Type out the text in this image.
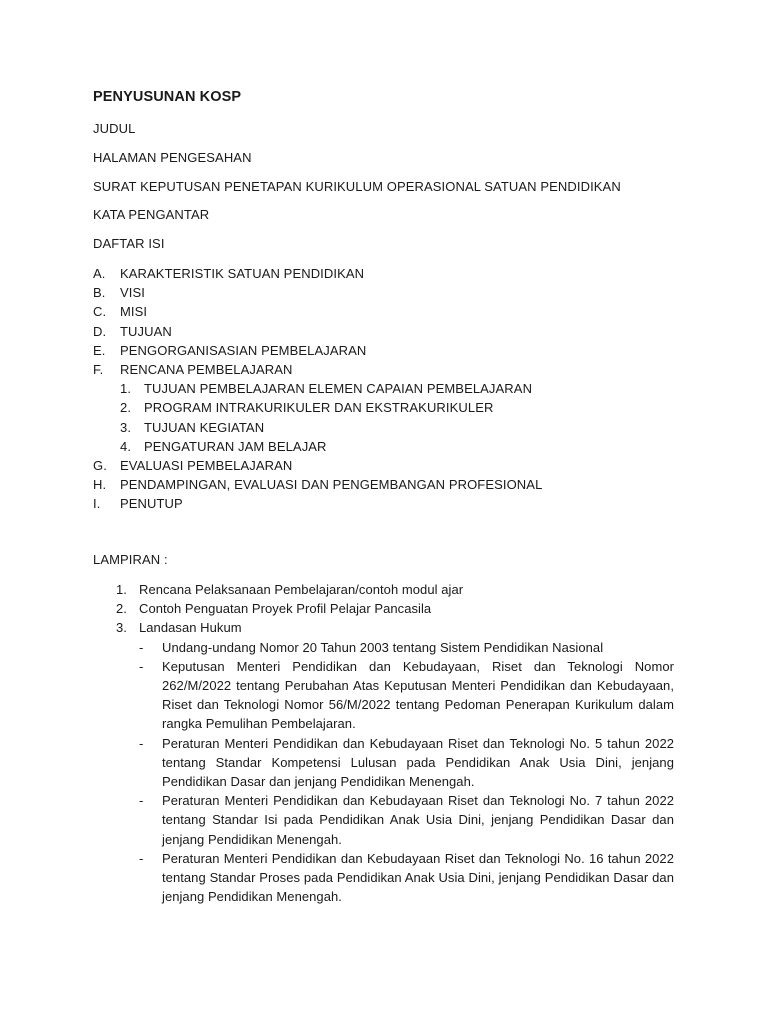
PENYUSUNAN KOSP
JUDUL
HALAMAN PENGESAHAN
SURAT KEPUTUSAN PENETAPAN KURIKULUM OPERASIONAL SATUAN PENDIDIKAN
KATA PENGANTAR
DAFTAR ISI
A. KARAKTERISTIK SATUAN PENDIDIKAN
B. VISI
C. MISI
D. TUJUAN
E. PENGORGANISASIAN PEMBELAJARAN
F. RENCANA PEMBELAJARAN
1. TUJUAN PEMBELAJARAN ELEMEN CAPAIAN PEMBELAJARAN
2. PROGRAM INTRAKURIKULER DAN EKSTRAKURIKULER
3. TUJUAN KEGIATAN
4. PENGATURAN JAM BELAJAR
G. EVALUASI PEMBELAJARAN
H. PENDAMPINGAN, EVALUASI DAN PENGEMBANGAN PROFESIONAL
I. PENUTUP
LAMPIRAN :
1. Rencana Pelaksanaan Pembelajaran/contoh modul ajar
2. Contoh Penguatan Proyek Profil Pelajar Pancasila
3. Landasan Hukum
- Undang-undang Nomor 20 Tahun 2003 tentang Sistem Pendidikan Nasional
- Keputusan Menteri Pendidikan dan Kebudayaan, Riset dan Teknologi Nomor 262/M/2022 tentang Perubahan Atas Keputusan Menteri Pendidikan dan Kebudayaan, Riset dan Teknologi Nomor 56/M/2022 tentang Pedoman Penerapan Kurikulum dalam rangka Pemulihan Pembelajaran.
- Peraturan Menteri Pendidikan dan Kebudayaan Riset dan Teknologi No. 5 tahun 2022 tentang Standar Kompetensi Lulusan pada Pendidikan Anak Usia Dini, jenjang Pendidikan Dasar dan jenjang Pendidikan Menengah.
- Peraturan Menteri Pendidikan dan Kebudayaan Riset dan Teknologi No. 7 tahun 2022 tentang Standar Isi pada Pendidikan Anak Usia Dini, jenjang Pendidikan Dasar dan jenjang Pendidikan Menengah.
- Peraturan Menteri Pendidikan dan Kebudayaan Riset dan Teknologi No. 16 tahun 2022 tentang Standar Proses pada Pendidikan Anak Usia Dini, jenjang Pendidikan Dasar dan jenjang Pendidikan Menengah.
